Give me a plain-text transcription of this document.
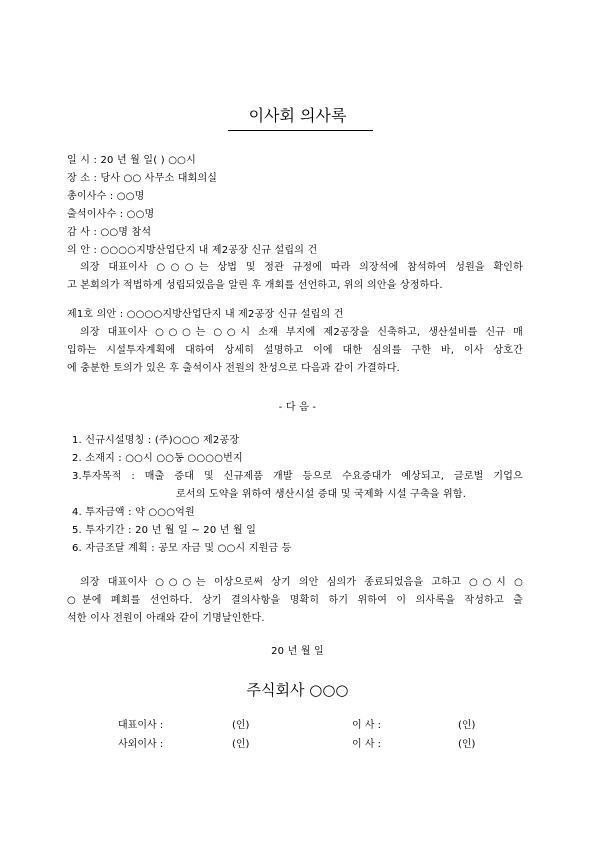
이사회 의사록
일 시 : 20 년 월 일( ) ○○시
장 소 : 당사 ○○ 사무소 대회의실
총이사수 : ○○명
출석이사수 : ○○명
감 사 : ○○명 참석
의 안 : ○○○○지방산업단지 내 제2공장 신규 설립의 건
의장 대표이사 ○○○는 상법 및 정관 규정에 따라 의장석에 참석하여 성원을 확인하
고 본회의가 적법하게 성립되었음을 알린 후 개회를 선언하고, 위의 의안을 상정하다.
제1호 의안 : ○○○○지방산업단지 내 제2공장 신규 설립의 건
의장 대표이사 ○○○는 ○○시 소재 부지에 제2공장을 신축하고, 생산설비를 신규 매
입하는 시설투자계획에 대하여 상세히 설명하고 이에 대한 심의를 구한 바, 이사 상호간
에 충분한 토의가 있은 후 출석이사 전원의 찬성으로 다음과 같이 가결하다.
- 다 음 -
1. 신규시설명칭 : (주)○○○ 제2공장
2. 소재지 : ○○시 ○○동 ○○○○번지
3. 투자목적 : 매출 증대 및 신규제품 개발 등으로 수요증대가 예상되고, 글로벌 기업으
로서의 도약을 위하여 생산시설 증대 및 국제화 시설 구축을 위함.
4. 투자금액 : 약 ○○○억원
5. 투자기간 : 20 년 월 일 ~ 20 년 월 일
6. 자금조달 계획 : 공모 자금 및 ○○시 지원금 등
의장 대표이사 ○○○는 이상으로써 상기 의안 심의가 종료되었음을 고하고 ○○시 ○
○분에 폐회를 선언하다. 상기 결의사항을 명확히 하기 위하여 이 의사록을 작성하고 출
석한 이사 전원이 아래와 같이 기명날인한다.
20 년 월 일
주식회사 ○○○
대표이사 :	(인)	이 사 :	(인)
사외이사 :	(인)	이 사 :	(인)
